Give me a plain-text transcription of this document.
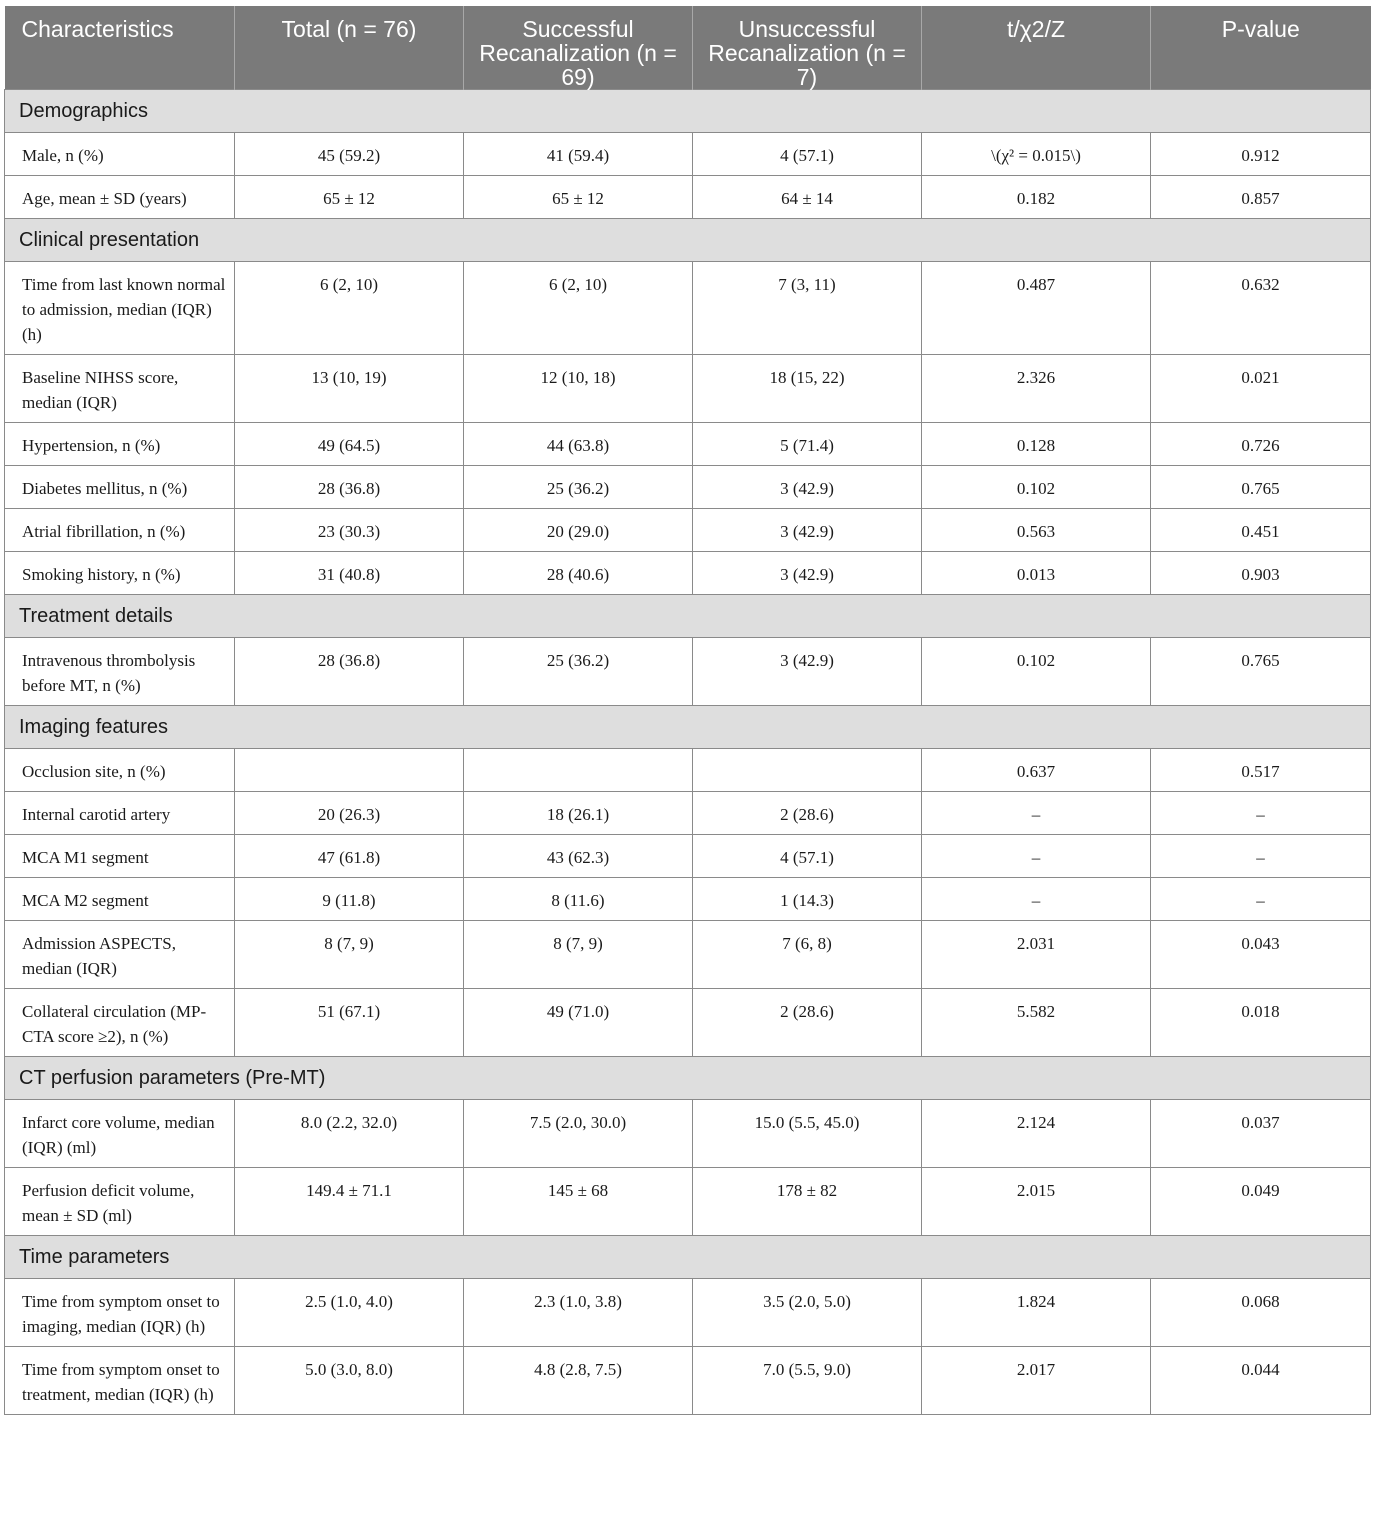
Characteristics	Total (n = 76)	Successful Recanalization (n = 69)	Unsuccessful Recanalization (n = 7)	t/χ2/Z	P-value
Demographics					
Male, n (%)	45 (59.2)	41 (59.4)	4 (57.1)	\(χ² = 0.015\)	0.912
Age, mean ± SD (years)	65 ± 12	65 ± 12	64 ± 14	0.182	0.857
Clinical presentation					
Time from last known normal to admission, median (IQR) (h)	6 (2, 10)	6 (2, 10)	7 (3, 11)	0.487	0.632
Baseline NIHSS score, median (IQR)	13 (10, 19)	12 (10, 18)	18 (15, 22)	2.326	0.021
Hypertension, n (%)	49 (64.5)	44 (63.8)	5 (71.4)	0.128	0.726
Diabetes mellitus, n (%)	28 (36.8)	25 (36.2)	3 (42.9)	0.102	0.765
Atrial fibrillation, n (%)	23 (30.3)	20 (29.0)	3 (42.9)	0.563	0.451
Smoking history, n (%)	31 (40.8)	28 (40.6)	3 (42.9)	0.013	0.903
Treatment details					
Intravenous thrombolysis before MT, n (%)	28 (36.8)	25 (36.2)	3 (42.9)	0.102	0.765
Imaging features					
Occlusion site, n (%)				0.637	0.517
Internal carotid artery	20 (26.3)	18 (26.1)	2 (28.6)	–	–
MCA M1 segment	47 (61.8)	43 (62.3)	4 (57.1)	–	–
MCA M2 segment	9 (11.8)	8 (11.6)	1 (14.3)	–	–
Admission ASPECTS, median (IQR)	8 (7, 9)	8 (7, 9)	7 (6, 8)	2.031	0.043
Collateral circulation (MP-CTA score ≥2), n (%)	51 (67.1)	49 (71.0)	2 (28.6)	5.582	0.018
CT perfusion parameters (Pre-MT)					
Infarct core volume, median (IQR) (ml)	8.0 (2.2, 32.0)	7.5 (2.0, 30.0)	15.0 (5.5, 45.0)	2.124	0.037
Perfusion deficit volume, mean ± SD (ml)	149.4 ± 71.1	145 ± 68	178 ± 82	2.015	0.049
Time parameters					
Time from symptom onset to imaging, median (IQR) (h)	2.5 (1.0, 4.0)	2.3 (1.0, 3.8)	3.5 (2.0, 5.0)	1.824	0.068
Time from symptom onset to treatment, median (IQR) (h)	5.0 (3.0, 8.0)	4.8 (2.8, 7.5)	7.0 (5.5, 9.0)	2.017	0.044
